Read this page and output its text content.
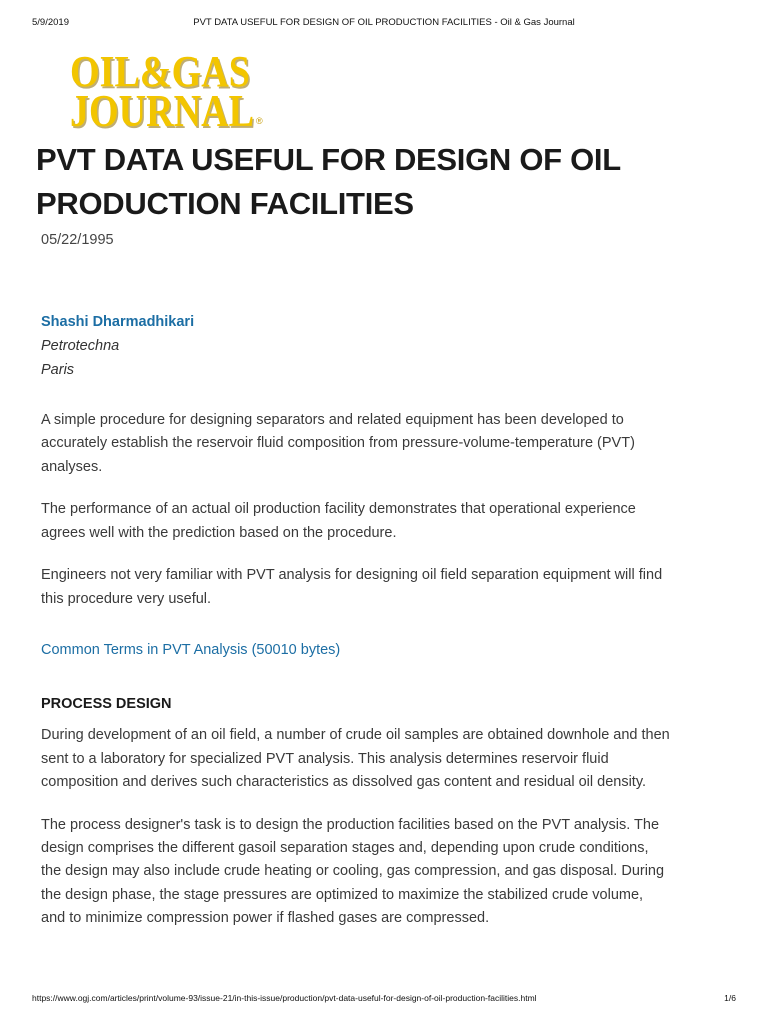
5/9/2019	PVT DATA USEFUL FOR DESIGN OF OIL PRODUCTION FACILITIES - Oil & Gas Journal
OIL&GAS
JOURNAL ®
PVT DATA USEFUL FOR DESIGN OF OIL
PRODUCTION FACILITIES
05/22/1995
Shashi Dharmadhikari
Petrotechna
Paris

A simple procedure for designing separators and related equipment has been developed to accurately establish the reservoir fluid composition from pressure-volume-temperature (PVT) analyses.

The performance of an actual oil production facility demonstrates that operational experience agrees well with the prediction based on the procedure.

Engineers not very familiar with PVT analysis for designing oil field separation equipment will find this procedure very useful.

Common Terms in PVT Analysis (50010 bytes)

PROCESS DESIGN

During development of an oil field, a number of crude oil samples are obtained downhole and then sent to a laboratory for specialized PVT analysis. This analysis determines reservoir fluid composition and derives such characteristics as dissolved gas content and residual oil density.

The process designer's task is to design the production facilities based on the PVT analysis. The design comprises the different gasoil separation stages and, depending upon crude conditions, the design may also include crude heating or cooling, gas compression, and gas disposal. During the design phase, the stage pressures are optimized to maximize the stabilized crude volume, and to minimize compression power if flashed gases are compressed.

https://www.ogj.com/articles/print/volume-93/issue-21/in-this-issue/production/pvt-data-useful-for-design-of-oil-production-facilities.html	1/6
